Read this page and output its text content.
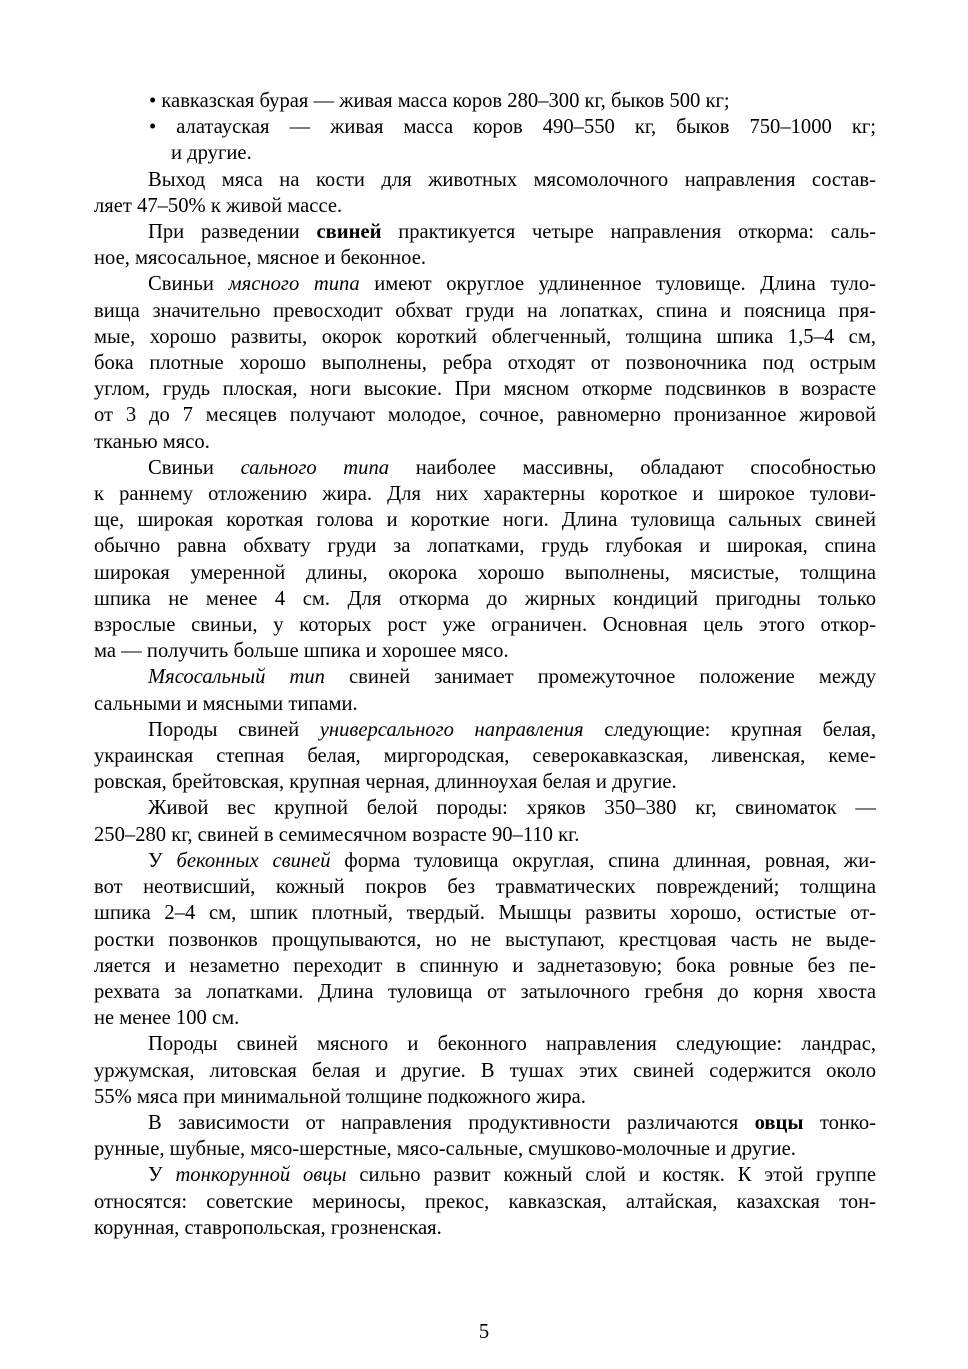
• кавказская бурая — живая масса коров 280–300 кг, быков 500 кг;
• алатауская — живая масса коров 490–550 кг, быков 750–1000 кг;
и другие.
Выход мяса на кости для животных мясомолочного направления состав-
ляет 47–50% к живой массе.
При разведении свиней практикуется четыре направления откорма: саль-
ное, мясосальное, мясное и беконное.
Свиньи мясного типа имеют округлое удлиненное туловище. Длина туло-
вища значительно превосходит обхват груди на лопатках, спина и поясница пря-
мые, хорошо развиты, окорок короткий облегченный, толщина шпика 1,5–4 см,
бока плотные хорошо выполнены, ребра отходят от позвоночника под острым
углом, грудь плоская, ноги высокие. При мясном откорме подсвинков в возрасте
от 3 до 7 месяцев получают молодое, сочное, равномерно пронизанное жировой
тканью мясо.
Свиньи сального типа наиболее массивны, обладают способностью
к раннему отложению жира. Для них характерны короткое и широкое тулови-
ще, широкая короткая голова и короткие ноги. Длина туловища сальных свиней
обычно равна обхвату груди за лопатками, грудь глубокая и широкая, спина
широкая умеренной длины, окорока хорошо выполнены, мясистые, толщина
шпика не менее 4 см. Для откорма до жирных кондиций пригодны только
взрослые свиньи, у которых рост уже ограничен. Основная цель этого откор-
ма — получить больше шпика и хорошее мясо.
Мясосальный тип свиней занимает промежуточное положение между
сальными и мясными типами.
Породы свиней универсального направления следующие: крупная белая,
украинская степная белая, миргородская, северокавказская, ливенская, кеме-
ровская, брейтовская, крупная черная, длинноухая белая и другие.
Живой вес крупной белой породы: хряков 350–380 кг, свиноматок —
250–280 кг, свиней в семимесячном возрасте 90–110 кг.
У беконных свиней форма туловища округлая, спина длинная, ровная, жи-
вот неотвисший, кожный покров без травматических повреждений; толщина
шпика 2–4 см, шпик плотный, твердый. Мышцы развиты хорошо, остистые от-
ростки позвонков прощупываются, но не выступают, крестцовая часть не выде-
ляется и незаметно переходит в спинную и заднетазовую; бока ровные без пе-
рехвата за лопатками. Длина туловища от затылочного гребня до корня хвоста
не менее 100 см.
Породы свиней мясного и беконного направления следующие: ландрас,
уржумская, литовская белая и другие. В тушах этих свиней содержится около
55% мяса при минимальной толщине подкожного жира.
В зависимости от направления продуктивности различаются овцы тонко-
рунные, шубные, мясо-шерстные, мясо-сальные, смушково-молочные и другие.
У тонкорунной овцы сильно развит кожный слой и костяк. К этой группе
относятся: советские мериносы, прекос, кавказская, алтайская, казахская тон-
корунная, ставропольская, грозненская.
5
